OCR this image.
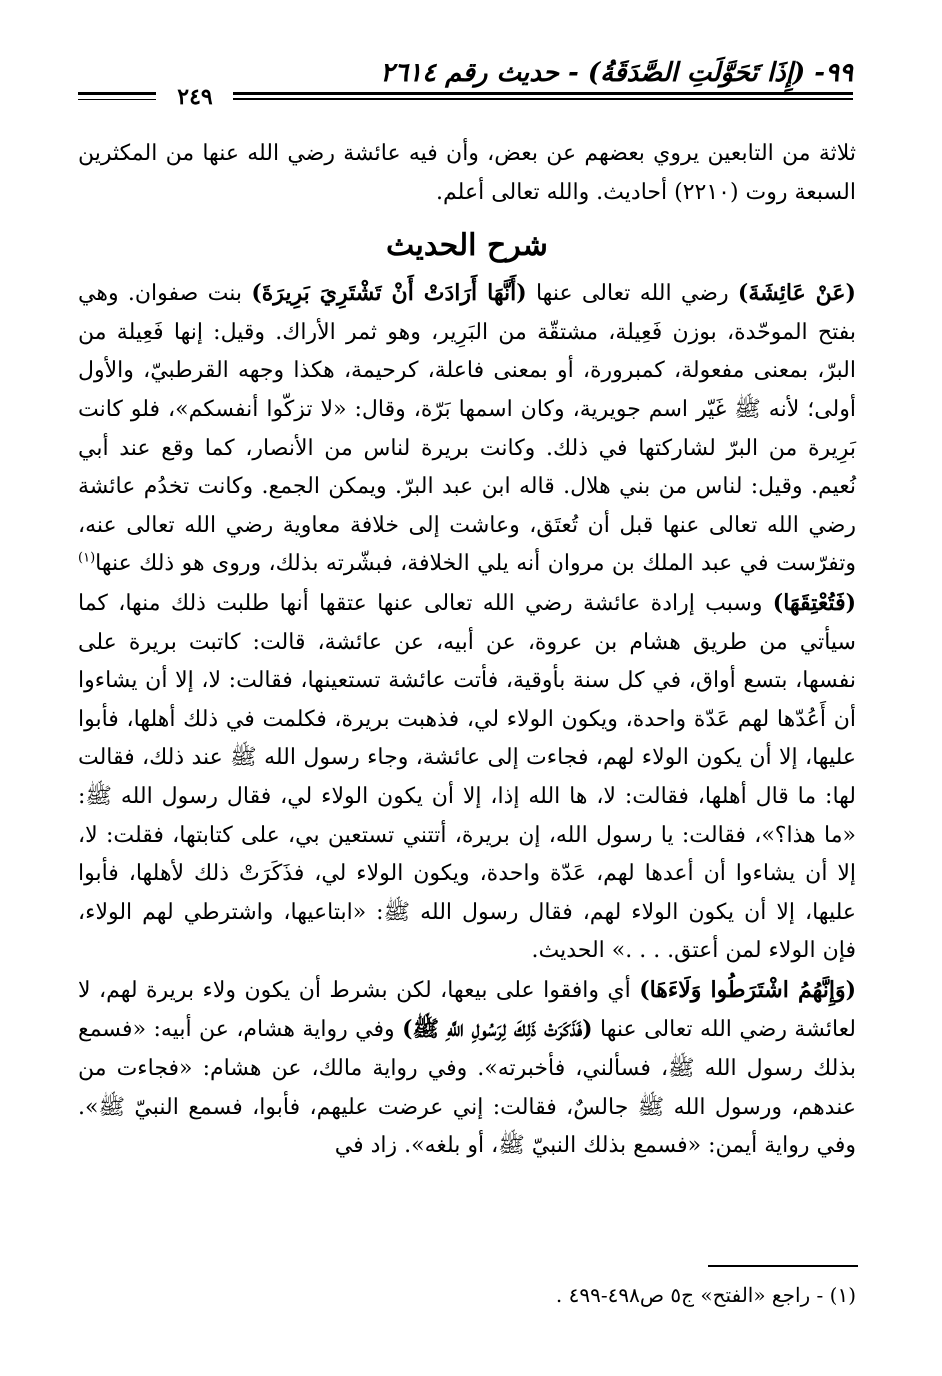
٩٩- (إِذَا تَحَوَّلَتِ الصَّدَقَةُ) - حديث رقم ٢٦١٤
٢٤٩

ثلاثة من التابعين يروي بعضهم عن بعض، وأن فيه عائشة رضي الله عنها من المكثرين السبعة روت (٢٢١٠) أحاديث. والله تعالى أعلم.

شرح الحديث

(عَنْ عَائِشَةَ) رضي الله تعالى عنها (أَنَّهَا أَرَادَتْ أَنْ تَشْتَرِيَ بَرِيرَةَ) بنت صفوان. وهي بفتح الموحّدة، بوزن فَعِيلة، مشتقّة من البَرِير، وهو ثمر الأراك. وقيل: إنها فَعِيلة من البرّ، بمعنى مفعولة، كمبرورة، أو بمعنى فاعلة، كرحيمة، هكذا وجهه القرطبيّ، والأول أولى؛ لأنه ﷺ غَيّر اسم جويرية، وكان اسمها بَرّة، وقال: «لا تزكّوا أنفسكم»، فلو كانت بَرِيرة من البرّ لشاركتها في ذلك. وكانت بريرة لناس من الأنصار، كما وقع عند أبي نُعيم. وقيل: لناس من بني هلال. قاله ابن عبد البرّ. ويمكن الجمع. وكانت تخدُم عائشة رضي الله تعالى عنها قبل أن تُعتَق، وعاشت إلى خلافة معاوية رضي الله تعالى عنه، وتفرّست في عبد الملك بن مروان أنه يلي الخلافة، فبشّرته بذلك، وروى هو ذلك عنها$^{(١)}$ (فَتُعْتِقَهَا) وسبب إرادة عائشة رضي الله تعالى عنها عتقها أنها طلبت ذلك منها، كما سيأتي من طريق هشام بن عروة، عن أبيه، عن عائشة، قالت: كاتبت بريرة على نفسها، بتسع أواق، في كل سنة بأوقية، فأتت عائشة تستعينها، فقالت: لا، إلا أن يشاءوا أن أَعُدّها لهم عَدّة واحدة، ويكون الولاء لي، فذهبت بريرة، فكلمت في ذلك أهلها، فأبوا عليها، إلا أن يكون الولاء لهم، فجاءت إلى عائشة، وجاء رسول الله ﷺ عند ذلك، فقالت لها: ما قال أهلها، فقالت: لا، ها الله إذا، إلا أن يكون الولاء لي، فقال رسول الله ﷺ: «ما هذا؟»، فقالت: يا رسول الله، إن بريرة، أتتني تستعين بي، على كتابتها، فقلت: لا، إلا أن يشاءوا أن أعدها لهم، عَدّة واحدة، ويكون الولاء لي، فذَكَرَتْ ذلك لأهلها، فأبوا عليها، إلا أن يكون الولاء لهم، فقال رسول الله ﷺ: «ابتاعيها، واشترطي لهم الولاء، فإن الولاء لمن أعتق. . . .» الحديث.

(وَإِنَّهُمُ اشْتَرَطُوا وَلَاءَهَا) أي وافقوا على بيعها، لكن بشرط أن يكون ولاء بريرة لهم، لا لعائشة رضي الله تعالى عنها (فَذَكَرَتْ ذَلِكَ لِرَسُولِ اللَّهِ ﷺ) وفي رواية هشام، عن أبيه: «فسمع بذلك رسول الله ﷺ، فسألني، فأخبرته». وفي رواية مالك، عن هشام: «فجاءت من عندهم، ورسول الله ﷺ جالسٌ، فقالت: إني عرضت عليهم، فأبوا، فسمع النبيّ ﷺ». وفي رواية أيمن: «فسمع بذلك النبيّ ﷺ، أو بلغه». زاد في

(١) - راجع «الفتح» ج٥ ص٤٩٨-٤٩٩ .
